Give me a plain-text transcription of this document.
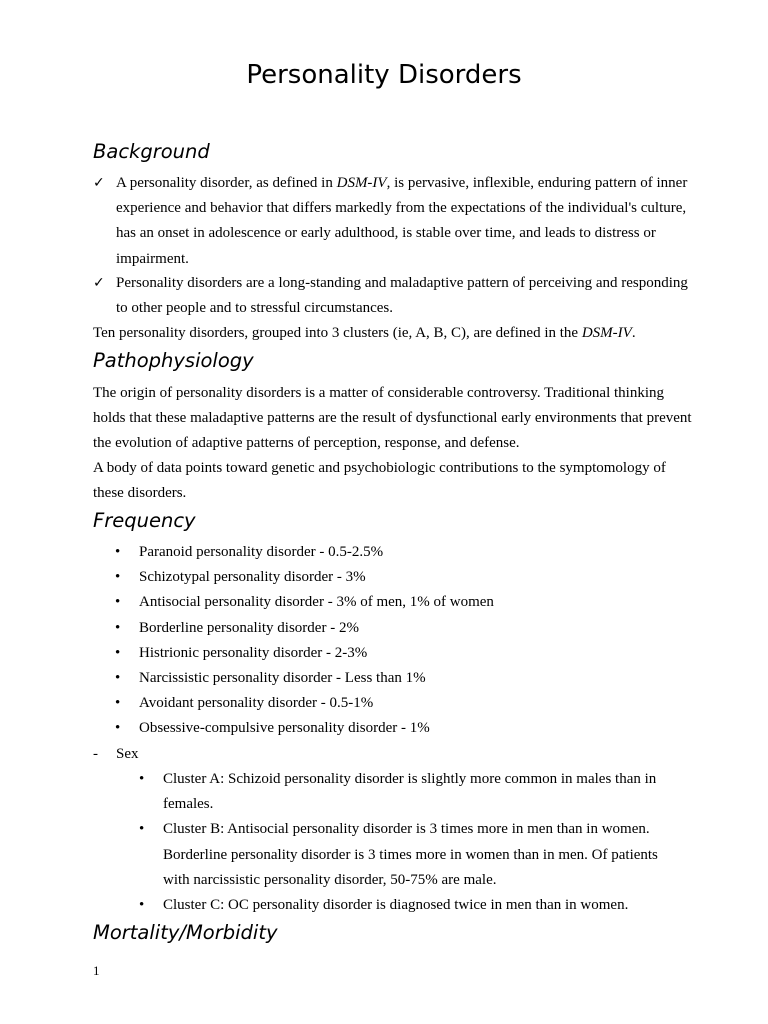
Personality Disorders
Background
✓ A personality disorder, as defined in DSM-IV, is pervasive, inflexible, enduring pattern of inner experience and behavior that differs markedly from the expectations of the individual's culture, has an onset in adolescence or early adulthood, is stable over time, and leads to distress or impairment.
✓ Personality disorders are a long-standing and maladaptive pattern of perceiving and responding to other people and to stressful circumstances.

Ten personality disorders, grouped into 3 clusters (ie, A, B, C), are defined in the DSM-IV.

Pathophysiology

The origin of personality disorders is a matter of considerable controversy. Traditional thinking holds that these maladaptive patterns are the result of dysfunctional early environments that prevent the evolution of adaptive patterns of perception, response, and defense.

A body of data points toward genetic and psychobiologic contributions to the symptomology of these disorders.

Frequency
• Paranoid personality disorder - 0.5-2.5%
• Schizotypal personality disorder - 3%
• Antisocial personality disorder - 3% of men, 1% of women
• Borderline personality disorder - 2%
• Histrionic personality disorder - 2-3%
• Narcissistic personality disorder - Less than 1%
• Avoidant personality disorder - 0.5-1%
• Obsessive-compulsive personality disorder - 1%
- Sex
• Cluster A: Schizoid personality disorder is slightly more common in males than in females.
• Cluster B: Antisocial personality disorder is 3 times more in men than in women. Borderline personality disorder is 3 times more in women than in men. Of patients with narcissistic personality disorder, 50-75% are male.
• Cluster C: OC personality disorder is diagnosed twice in men than in women.
Mortality/Morbidity
1
